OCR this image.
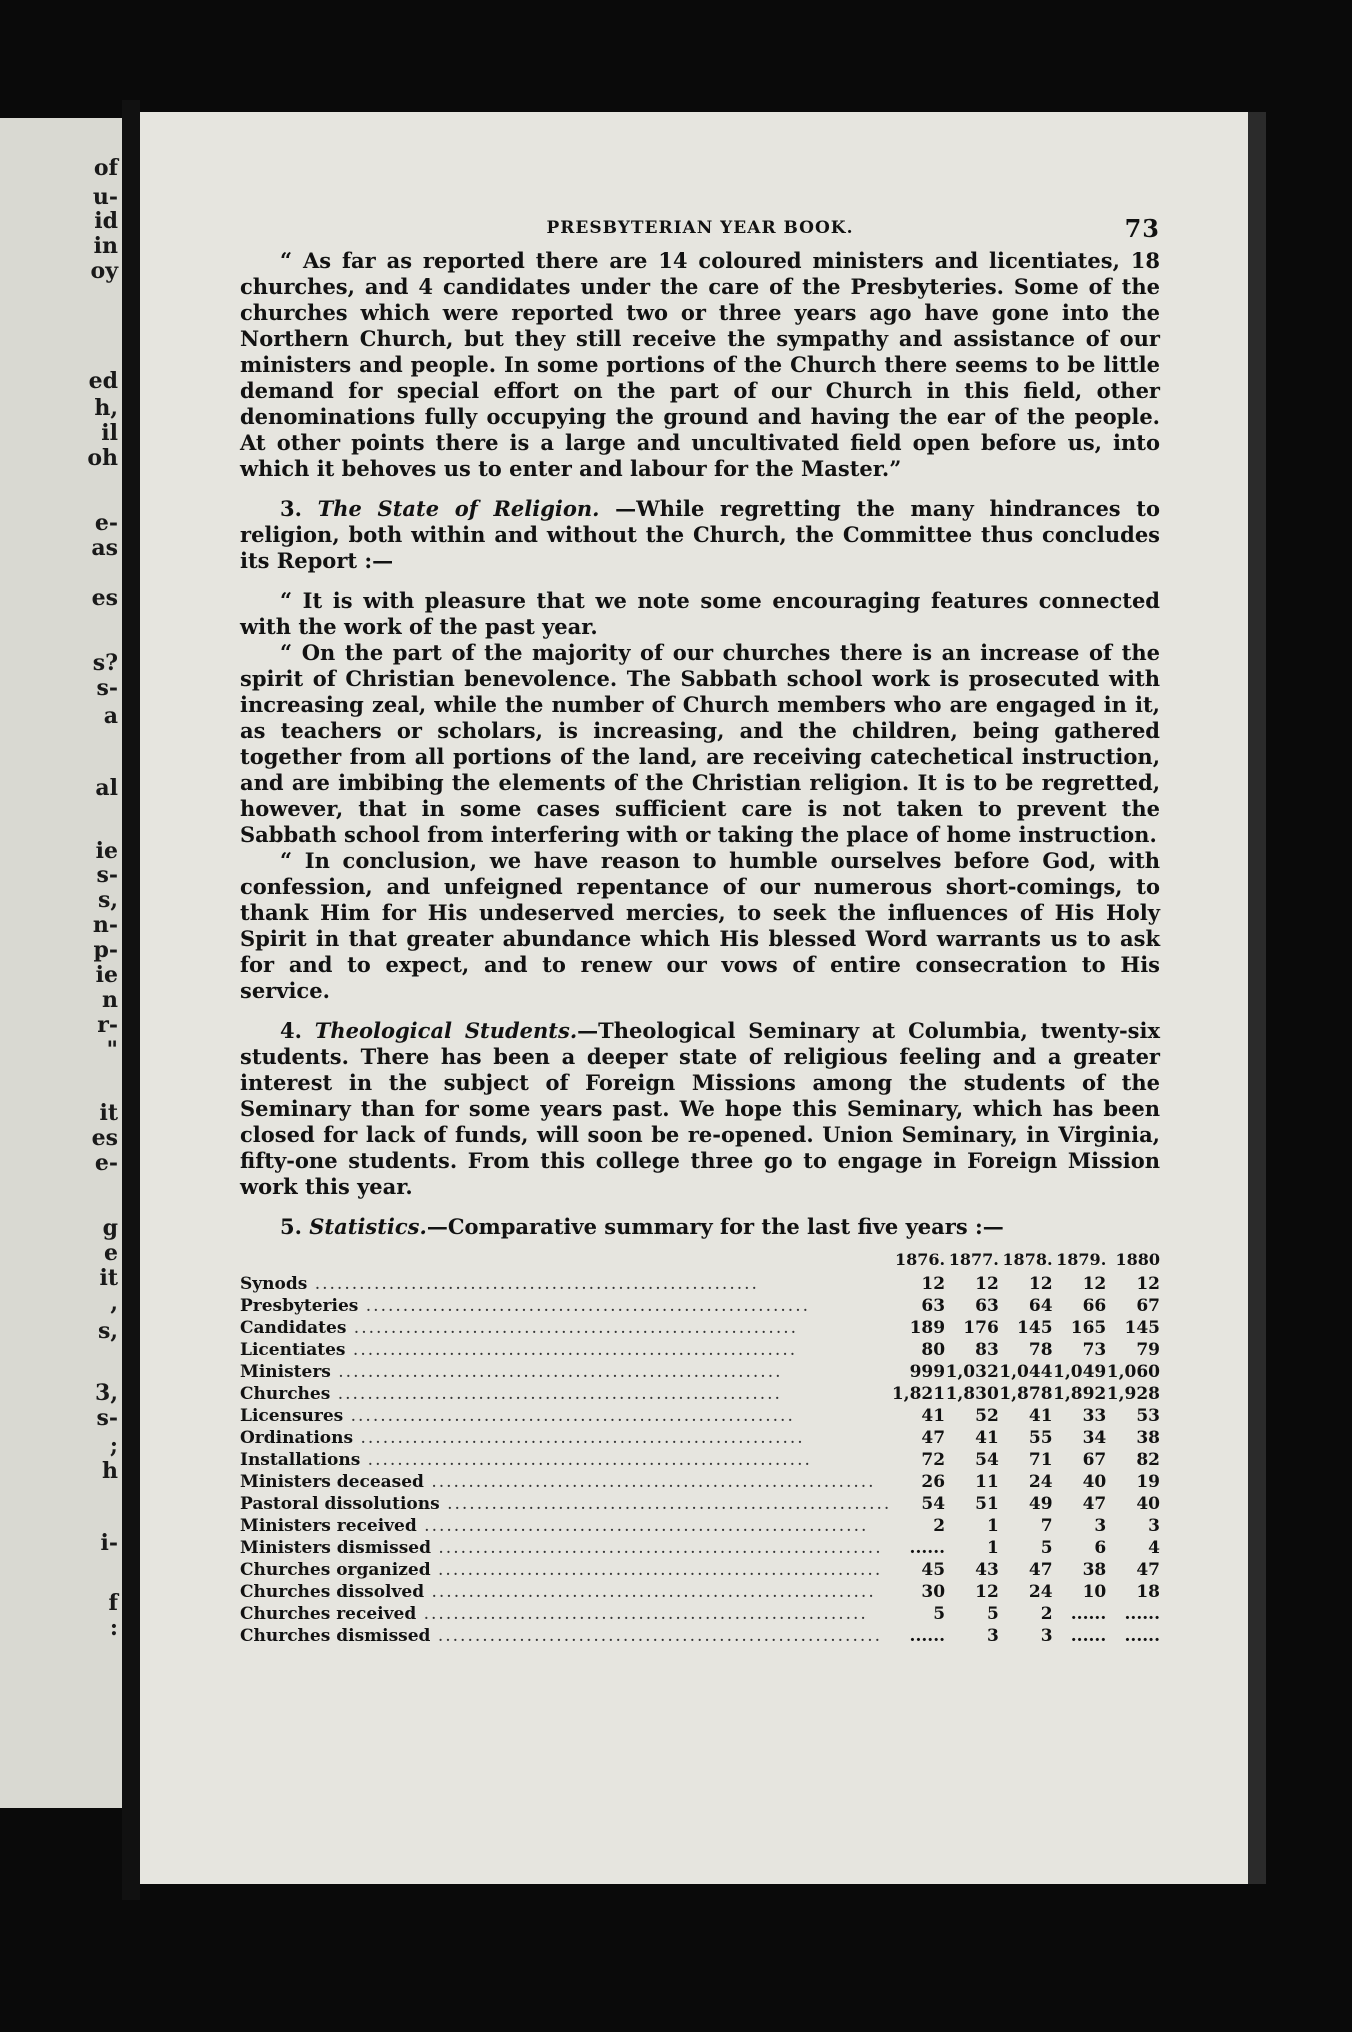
of
u-
id
in
oy
ed
h,
il
oh
e-
as
es
s?
s-
a
al
ie
s-
s,
n-
p-
ie
n
r-
"
it
es
e-
g
e
it
,
s,
3,
s-
;
h
i-
f
:
PRESBYTERIAN YEAR BOOK.	73

“ As far as reported there are 14 coloured ministers and licentiates, 18 churches, and 4 candidates under the care of the Presbyteries. Some of the churches which were reported two or three years ago have gone into the Northern Church, but they still receive the sympathy and assistance of our ministers and people. In some portions of the Church there seems to be little demand for special effort on the part of our Church in this field, other denominations fully occupying the ground and having the ear of the people. At other points there is a large and uncultivated field open before us, into which it behoves us to enter and labour for the Master.”

3. The State of Religion. —While regretting the many hindrances to religion, both within and without the Church, the Committee thus concludes its Report :—

“ It is with pleasure that we note some encouraging features connected with the work of the past year.

“ On the part of the majority of our churches there is an increase of the spirit of Christian benevolence. The Sabbath school work is prosecuted with increasing zeal, while the number of Church members who are engaged in it, as teachers or scholars, is increasing, and the children, being gathered together from all portions of the land, are receiving catechetical instruction, and are imbibing the elements of the Christian religion. It is to be regretted, however, that in some cases sufficient care is not taken to prevent the Sabbath school from interfering with or taking the place of home instruction.

“ In conclusion, we have reason to humble ourselves before God, with confession, and unfeigned repentance of our numerous short-comings, to thank Him for His undeserved mercies, to seek the influences of His Holy Spirit in that greater abundance which His blessed Word warrants us to ask for and to expect, and to renew our vows of entire consecration to His service.

4. Theological Students.—Theological Seminary at Columbia, twenty-six students. There has been a deeper state of religious feeling and a greater interest in the subject of Foreign Missions among the students of the Seminary than for some years past. We hope this Seminary, which has been closed for lack of funds, will soon be re-opened. Union Seminary, in Virginia, fifty-one students. From this college three go to engage in Foreign Mission work this year.

5. Statistics.—Comparative summary for the last five years :—

	1876.	1877.	1878.	1879.	1880
Synods ............................................................	12	12	12	12	12
Presbyteries ............................................................	63	63	64	66	67
Candidates ............................................................	189	176	145	165	145
Licentiates ............................................................	80	83	78	73	79
Ministers ............................................................	999	1,032	1,044	1,049	1,060
Churches ............................................................	1,821	1,830	1,878	1,892	1,928
Licensures ............................................................	41	52	41	33	53
Ordinations ............................................................	47	41	55	34	38
Installations ............................................................	72	54	71	67	82
Ministers deceased ............................................................	26	11	24	40	19
Pastoral dissolutions ............................................................	54	51	49	47	40
Ministers received ............................................................	2	1	7	3	3
Ministers dismissed ............................................................	......	1	5	6	4
Churches organized ............................................................	45	43	47	38	47
Churches dissolved ............................................................	30	12	24	10	18
Churches received ............................................................	5	5	2	......	......
Churches dismissed ............................................................	......	3	3	......	......
